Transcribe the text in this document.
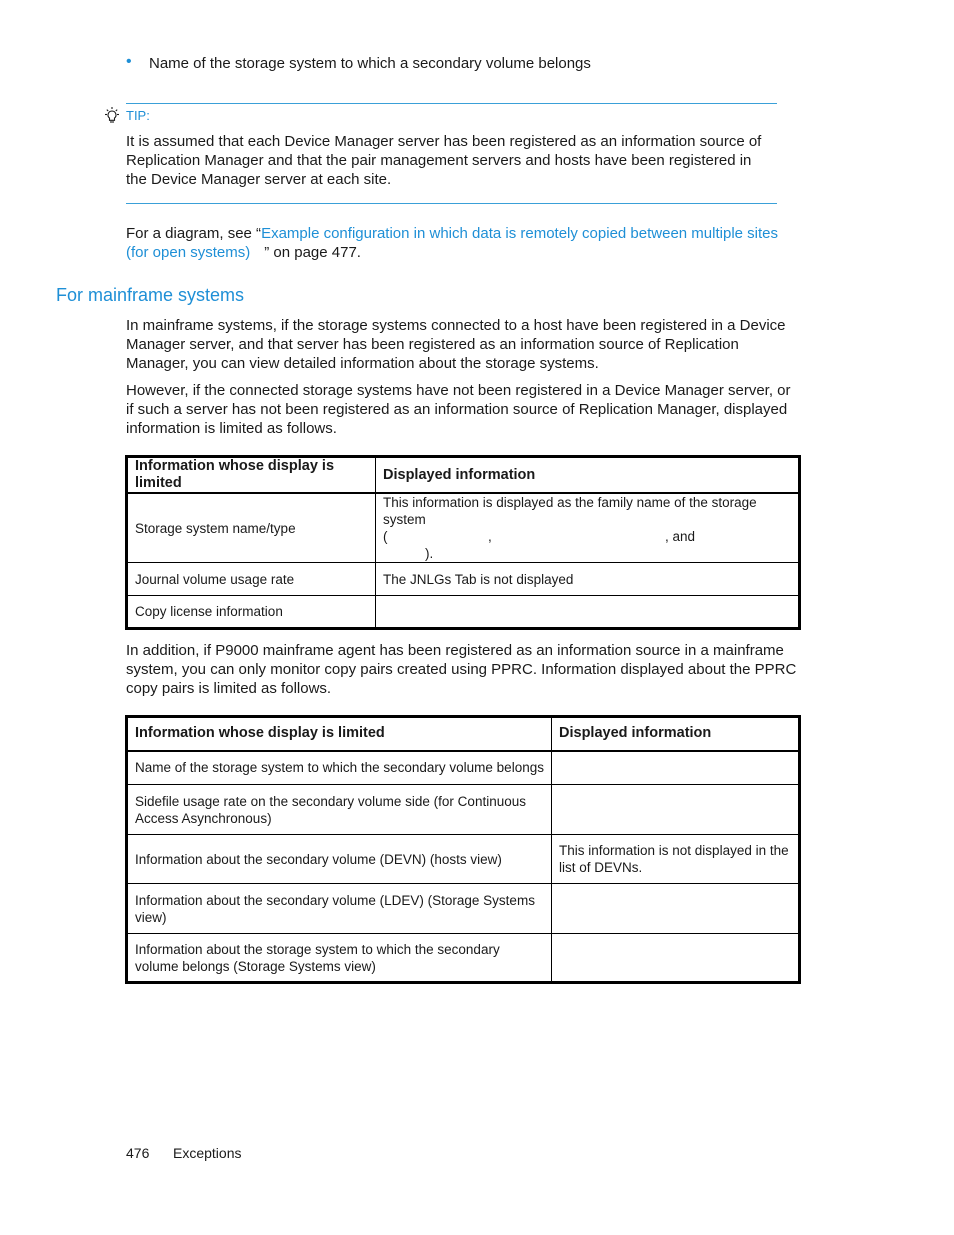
• Name of the storage system to which a secondary volume belongs
TIP:
It is assumed that each Device Manager server has been registered as an information source of Replication Manager and that the pair management servers and hosts have been registered in the Device Manager server at each site.
For a diagram, see “Example configuration in which data is remotely copied between multiple sites
(for open systems) ” on page 477.
For mainframe systems
In mainframe systems, if the storage systems connected to a host have been registered in a Device Manager server, and that server has been registered as an information source of Replication Manager, you can view detailed information about the storage systems.
However, if the connected storage systems have not been registered in a Device Manager server, or if such a server has not been registered as an information source of Replication Manager, displayed information is limited as follows.
Information whose display is limited	Displayed information
Storage system name/type	This information is displayed as the family name of the storage system
( , , and
).

Journal volume usage rate	The JNLGs Tab is not displayed
Copy license information	
In addition, if P9000 mainframe agent has been registered as an information source in a mainframe system, you can only monitor copy pairs created using PPRC. Information displayed about the PPRC copy pairs is limited as follows.
Information whose display is limited	Displayed information
Name of the storage system to which the secondary volume belongs	
Sidefile usage rate on the secondary volume side (for Continuous Access Asynchronous)	
Information about the secondary volume (DEVN) (hosts view)	This information is not displayed in the list of DEVNs.
Information about the secondary volume (LDEV) (Storage Systems view)	
Information about the storage system to which the secondary volume belongs (Storage Systems view)	
476 Exceptions
